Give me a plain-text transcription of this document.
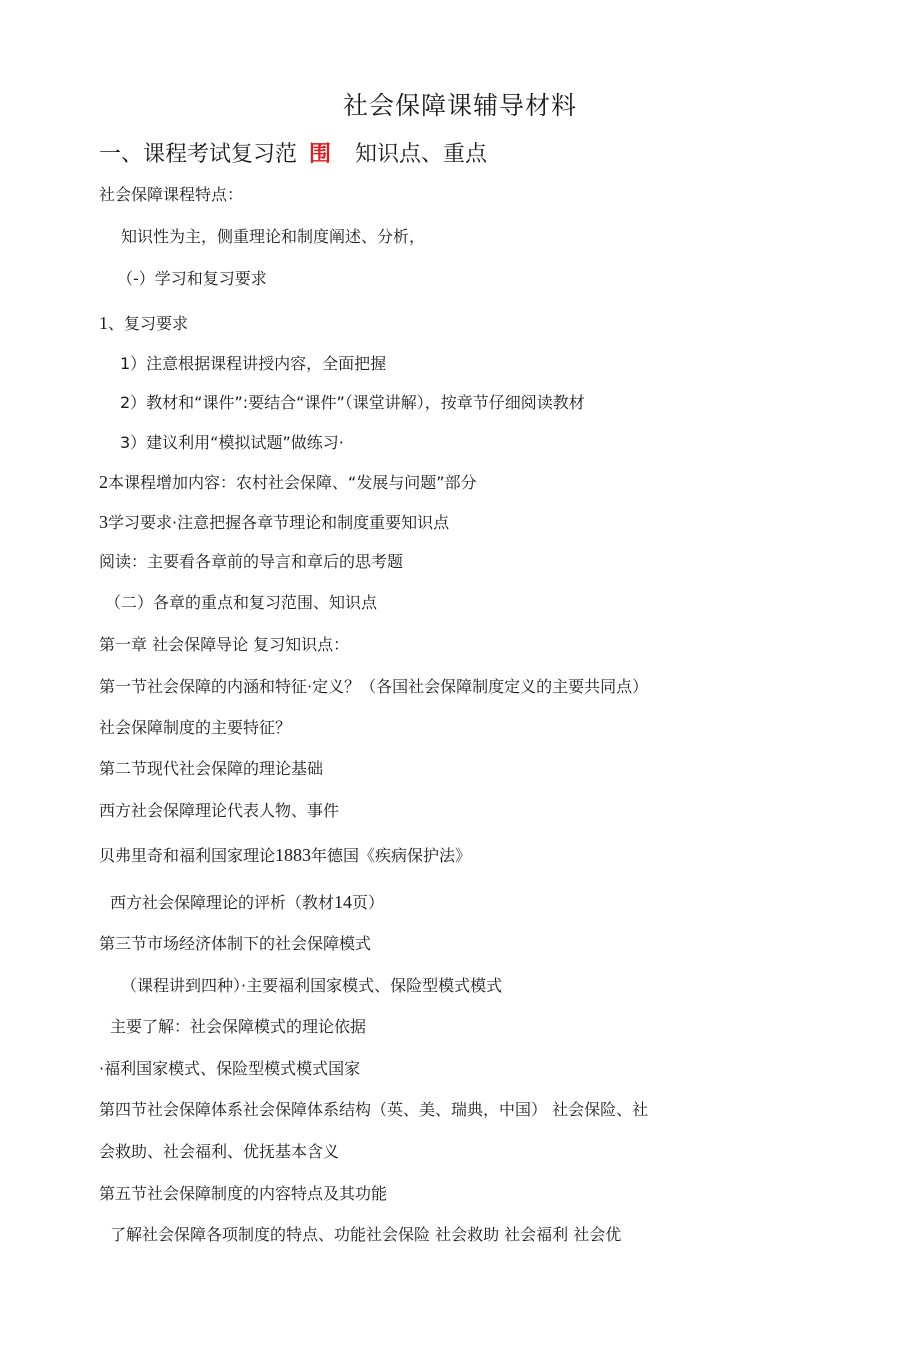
社会保障课辅导材料
一、课程考试复习范 围 知识点、重点
社会保障课程特点：
知识性为主，侧重理论和制度阐述、分析，
（-）学习和复习要求
1、复习要求
1）注意根据课程讲授内容，全面把握
2）教材和“课件”:要结合“课件”（课堂讲解），按章节仔细阅读教材
3）建议利用“模拟试题”做练习·
2本课程增加内容：农村社会保障、“发展与问题”部分
3学习要求·注意把握各章节理论和制度重要知识点
阅读：主要看各章前的导言和章后的思考题
（二）各章的重点和复习范围、知识点
第一章 社会保障导论 复习知识点：
第一节社会保障的内涵和特征·定义？（各国社会保障制度定义的主要共同点）
社会保障制度的主要特征？
第二节现代社会保障的理论基础
西方社会保障理论代表人物、事件
贝弗里奇和福利国家理论1883年德国《疾病保护法》
西方社会保障理论的评析（教材14页）
第三节市场经济体制下的社会保障模式
（课程讲到四种）·主要福利国家模式、保险型模式模式
主要了解：社会保障模式的理论依据
·福利国家模式、保险型模式模式国家
第四节社会保障体系社会保障体系结构（英、美、瑞典，中国） 社会保险、社
会救助、社会福利、优抚基本含义
第五节社会保障制度的内容特点及其功能
了解社会保障各项制度的特点、功能社会保险 社会救助 社会福利 社会优
